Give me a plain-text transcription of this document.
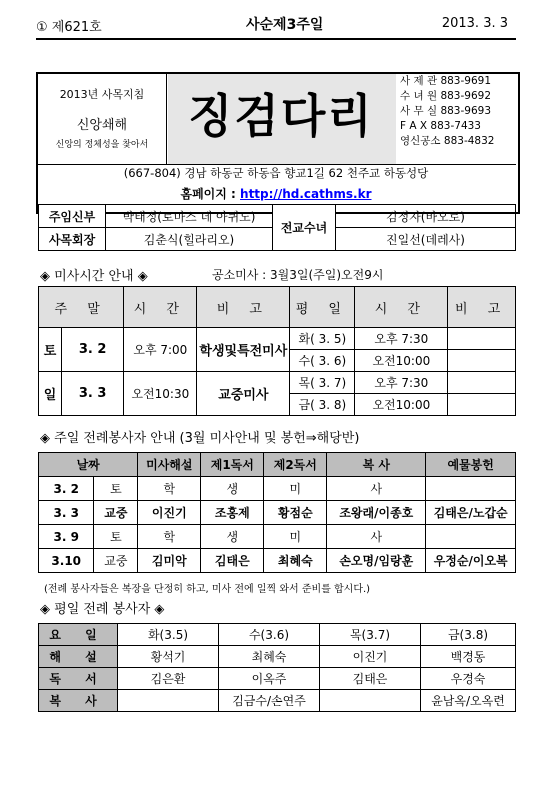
① 제621호	사순제3주일	2013. 3. 3
2013년 사목지침
신앙쇄해
신앙의 정체성을 찾아서
징검다리
사 제 관 883-9691
수 녀 원 883-9692
사 무 실 883-9693
F A X 883-7433
영신공소 883-4832
(667-804) 경남 하동군 하동읍 향교1길 62 천주교 하동성당
홈페이지 : http://hd.cathms.kr
주임신부	박태정(토마스 데 아퀴노)	전교수녀	김정자(바오로)
사목회장	김춘식(힐라리오)		진일선(데레사)
◈ 미사시간 안내 ◈	공소미사 : 3월3일(주일)오전9시
주 말		시 간	비 고	평 일	시 간	비 고
토	3. 2	오후 7:00	학생및특전미사	화( 3. 5)	오후 7:30	
				수( 3. 6)	오전10:00	
일	3. 3	오전10:30	교중미사	목( 3. 7)	오후 7:30	
				금( 3. 8)	오전10:00	
◈ 주일 전례봉사자 안내 (3월 미사안내 및 봉헌⇒해당반)
날짜		미사해설	제1독서	제2독서	복 사	예물봉헌
3. 2	토	학	생	미	사	
3. 3	교중	이진기	조홍제	황점순	조왕래/이종호	김태은/노갑순
3. 9	토	학	생	미	사	
3.10	교중	김미악	김태은	최혜숙	손오명/임랑훈	우정순/이오복
(전례 봉사자들은 복장을 단정히 하고, 미사 전에 일찍 와서 준비를 합시다.)
◈ 평일 전례 봉사자 ◈
요 일	화(3.5)	수(3.6)	목(3.7)	금(3.8)
해 설	황석기	최혜숙	이진기	백경동
독 서	김은환	이옥주	김태은	우경숙
복 사		김금수/손연주		윤남옥/오옥련
